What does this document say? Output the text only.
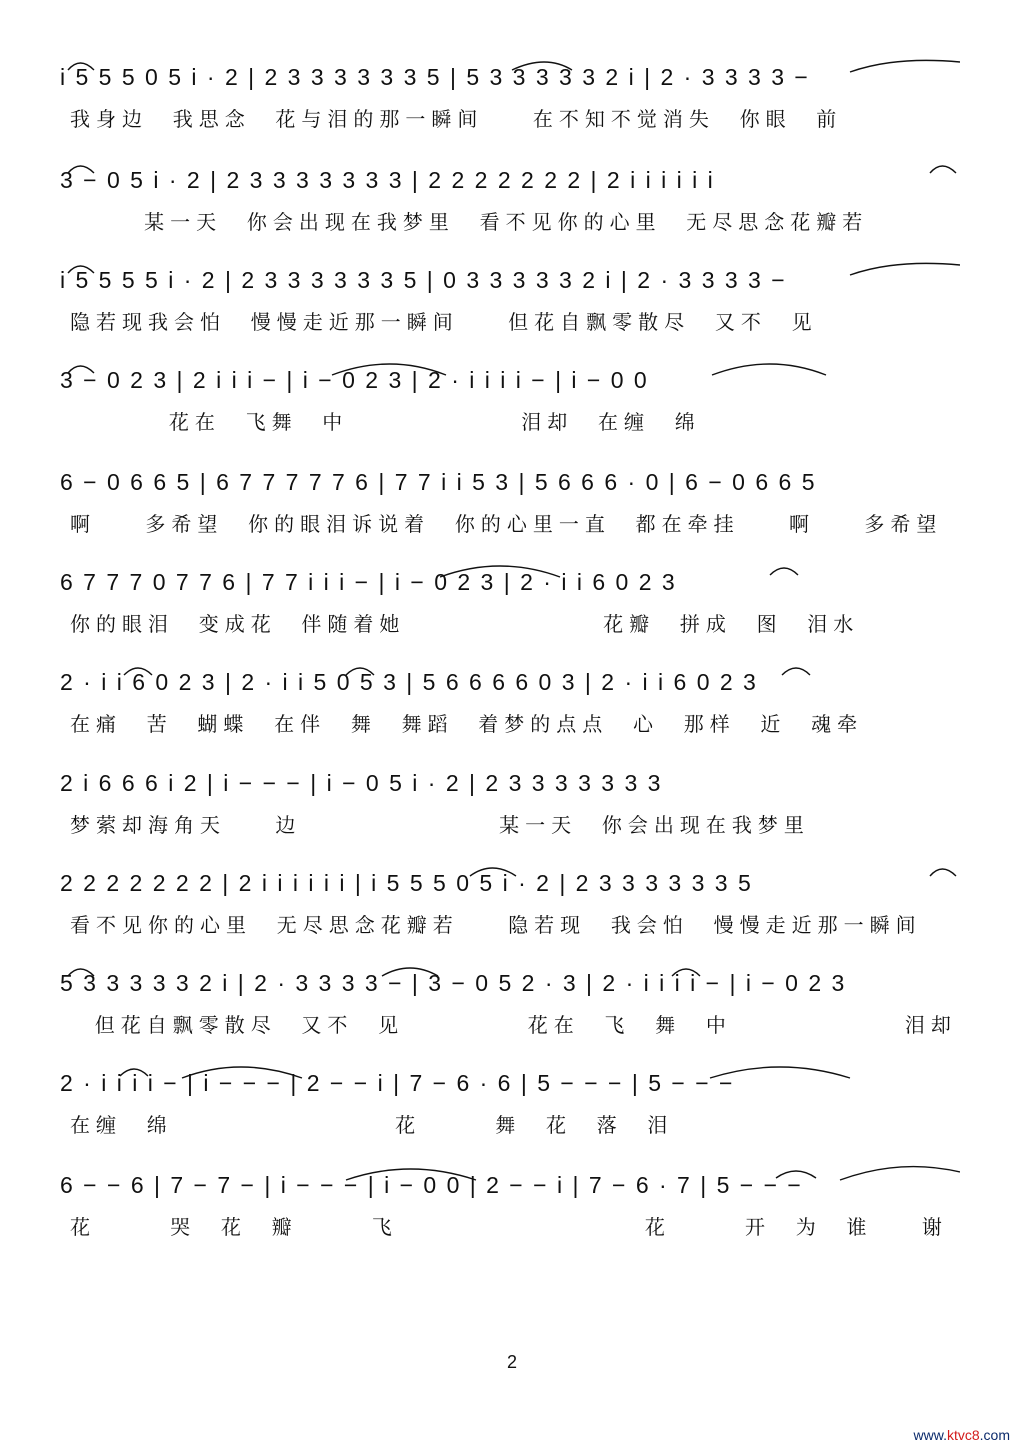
i 5 5 5 0 5 i · 2 | 2 3 3 3 3 3 3 5 | 5 3 3 3 3 3 2 i | 2 · 3 3 3 3 −
我身边  我思念  花与泪的那一瞬间    在不知不觉消失  你眼  前
3 − 0 5 i · 2 | 2 3 3 3 3 3 3 3 | 2 2 2 2 2 2 2 | 2 i i i i i i
某一天  你会出现在我梦里  看不见你的心里  无尽思念花瓣若
i 5 5 5 5 i · 2 | 2 3 3 3 3 3 3 5 | 0 3 3 3 3 3 2 i | 2 · 3 3 3 3 −
隐若现我会怕  慢慢走近那一瞬间    但花自飘零散尽  又不  见
3 − 0 2 3 | 2 i i i − | i − 0 2 3 | 2 · i i i i − | i − 0 0
花在  飞舞  中              泪却  在缠  绵
6 − 0 6 6 5 | 6 7 7 7 7 7 6 | 7 7 i i 5 3 | 5 6 6 6 · 0 | 6 − 0 6 6 5
啊    多希望  你的眼泪诉说着  你的心里一直  都在牵挂    啊    多希望
6 7 7 7 0 7 7 6 | 7 7 i i i − | i − 0 2 3 | 2 · i i 6 0 2 3
你的眼泪  变成花  伴随着她                花瓣  拼成  图  泪水
2 · i i 6 0 2 3 | 2 · i i 5 0 5 3 | 5 6 6 6 6 0 3 | 2 · i i 6 0 2 3
在痛  苦  蝴蝶  在伴  舞  舞蹈  着梦的点点  心  那样  近  魂牵
2 i 6 6 6 i 2 | i − − − | i − 0 5 i · 2 | 2 3 3 3 3 3 3 3
梦萦却海角天    边                某一天  你会出现在我梦里
2 2 2 2 2 2 2 | 2 i i i i i i | i 5 5 5 0 5 i · 2 | 2 3 3 3 3 3 3 5
看不见你的心里  无尽思念花瓣若    隐若现  我会怕  慢慢走近那一瞬间
5 3 3 3 3 3 2 i | 2 · 3 3 3 3 − | 3 − 0 5 2 · 3 | 2 · i i i i − | i − 0 2 3
但花自飘零散尽  又不  见          花在  飞  舞  中              泪却
2 · i i i i − | i − − − | 2 − − i | 7 − 6 · 6 | 5 − − − | 5 − − −
在缠  绵                  花      舞  花  落  泪
6 − − 6 | 7 − 7 − | i − − − | i − 0 0 | 2 − − i | 7 − 6 · 7 | 5 − − −
花      哭  花  瓣      飞                    花      开  为  谁    谢
2
www.ktvc8.com
